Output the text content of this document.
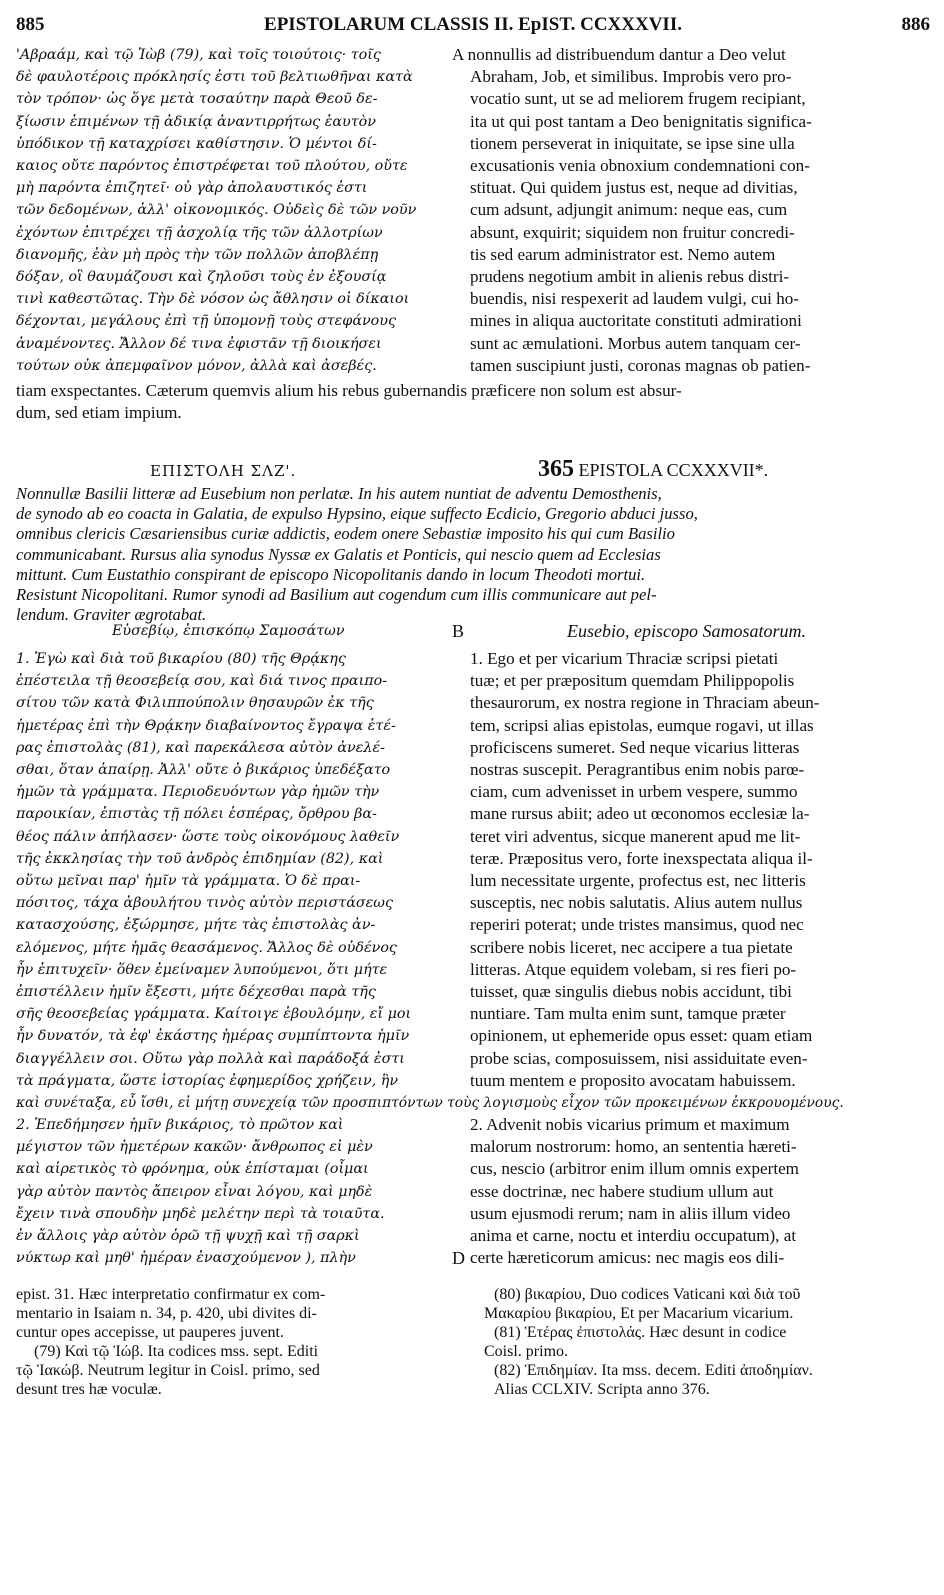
885	EPISTOLARUM CLASSIS II. EpIST. CCXXXVII.	886
'Αβραάμ, καὶ τῷ Ἰὼβ (79), καὶ τοῖς τοιούτοις· τοῖς
δὲ φαυλοτέροις πρόκλησίς ἐστι τοῦ βελτιωθῆναι κατὰ
τὸν τρόπον· ὡς ὅγε μετὰ τοσαύτην παρὰ Θεοῦ δε-
ξίωσιν ἐπιμένων τῇ ἀδικίᾳ ἀναντιρρήτως ἑαυτὸν
ὑπόδικον τῇ καταχρίσει καθίστησιν. Ὁ μέντοι δί-
καιος οὔτε παρόντος ἐπιστρέφεται τοῦ πλούτου, οὔτε
μὴ παρόντα ἐπιζητεῖ· οὐ γὰρ ἀπολαυστικός ἐστι
τῶν δεδομένων, ἀλλ' οἰκονομικός. Οὐδεὶς δὲ τῶν νοῦν
ἐχόντων ἐπιτρέχει τῇ ἀσχολίᾳ τῆς τῶν ἀλλοτρίων
διανομῆς, ἐὰν μὴ πρὸς τὴν τῶν πολλῶν ἀποβλέπῃ
δόξαν, οἳ θαυμάζουσι καὶ ζηλοῦσι τοὺς ἐν ἐξουσίᾳ
τινὶ καθεστῶτας. Τὴν δὲ νόσον ὡς ἄθλησιν οἱ δίκαιοι
δέχονται, μεγάλους ἐπὶ τῇ ὑπομονῇ τοὺς στεφάνους
ἀναμένοντες. Ἄλλον δέ τινα ἐφιστᾶν τῇ διοικήσει
τούτων οὐκ ἀπεμφαῖνον μόνον, ἀλλὰ καὶ ἀσεβές.
A nonnullis ad distribuendum dantur a Deo velut
Abraham, Job, et similibus. Improbis vero pro-
vocatio sunt, ut se ad meliorem frugem recipiant,
ita ut qui post tantam a Deo benignitatis significa-
tionem perseverat in iniquitate, se ipse sine ulla
excusationis venia obnoxium condemnationi con-
stituat. Qui quidem justus est, neque ad divitias,
cum adsunt, adjungit animum: neque eas, cum
absunt, exquirit; siquidem non fruitur concredi-
tis sed earum administrator est. Nemo autem
prudens negotium ambit in alienis rebus distri-
buendis, nisi respexerit ad laudem vulgi, cui ho-
mines in aliqua auctoritate constituti admirationi
sunt ac æmulationi. Morbus autem tanquam cer-
tamen suscipiunt justi, coronas magnas ob patien-
tiam exspectantes. Cæterum quemvis alium his rebus gubernandis præficere non solum est absur-
dum, sed etiam impium.
ΕΠΙΣΤΟΛΗ ΣΛΖ'.	365 EPISTOLA CCXXXVII*.
Nonnullæ Basilii litteræ ad Eusebium non perlatæ. In his autem nuntiat de adventu Demosthenis,
de synodo ab eo coacta in Galatia, de expulso Hypsino, eique suffecto Ecdicio, Gregorio abduci jusso,
omnibus clericis Cæsariensibus curiæ addictis, eodem onere Sebastiæ imposito his qui cum Basilio
communicabant. Rursus alia synodus Nyssæ ex Galatis et Ponticis, qui nescio quem ad Ecclesias
mittunt. Cum Eustathio conspirant de episcopo Nicopolitanis dando in locum Theodoti mortui.
Resistunt Nicopolitani. Rumor synodi ad Basilium aut cogendum cum illis communicare aut pel-
lendum. Graviter ægrotabat.
Εὐσεβίῳ, ἐπισκόπῳ Σαμοσάτων	B	Eusebio, episcopo Samosatorum.
1. Ἐγὼ καὶ διὰ τοῦ βικαρίου (80) τῆς Θρᾴκης
ἐπέστειλα τῇ θεοσεβείᾳ σου, καὶ διά τινος πραιπο-
σίτου τῶν κατὰ Φιλιππούπολιν θησαυρῶν ἐκ τῆς
ἡμετέρας ἐπὶ τὴν Θρᾴκην διαβαίνοντος ἔγραψα ἑτέ-
ρας ἐπιστολὰς (81), καὶ παρεκάλεσα αὐτὸν ἀνελέ-
σθαι, ὅταν ἀπαίρῃ. Ἀλλ' οὔτε ὁ βικάριος ὑπεδέξατο
ἡμῶν τὰ γράμματα. Περιοδευόντων γὰρ ἡμῶν τὴν
παροικίαν, ἐπιστὰς τῇ πόλει ἑσπέρας, ὄρθρου βα-
θέος πάλιν ἀπήλασεν· ὥστε τοὺς οἰκονόμους λαθεῖν
τῆς ἐκκλησίας τὴν τοῦ ἀνδρὸς ἐπιδημίαν (82), καὶ
οὕτω μεῖναι παρ' ἡμῖν τὰ γράμματα. Ὁ δὲ πραι-
πόσιτος, τάχα ἀβουλήτου τινὸς αὐτὸν περιστάσεως
κατασχούσης, ἐξώρμησε, μήτε τὰς ἐπιστολὰς ἀν-
ελόμενος, μήτε ἡμᾶς θεασάμενος. Ἄλλος δὲ οὐδένος
ἦν ἐπιτυχεῖν· ὅθεν ἐμείναμεν λυπούμενοι, ὅτι μήτε
ἐπιστέλλειν ἡμῖν ἔξεστι, μήτε δέχεσθαι παρὰ τῆς
σῆς θεοσεβείας γράμματα. Καίτοιγε ἐβουλόμην, εἴ μοι
ἦν δυνατόν, τὰ ἐφ' ἑκάστης ἡμέρας συμπίπτοντα ἡμῖν
διαγγέλλειν σοι. Οὕτω γὰρ πολλὰ καὶ παράδοξά ἐστι
τὰ πράγματα, ὥστε ἱστορίας ἐφημερίδος χρήζειν, ἣν
καὶ συνέταξα, εὖ ἴσθι, εἰ μήτῃ συνεχείᾳ τῶν προσπιπτόντων τοὺς λογισμοὺς εἶχον τῶν προκειμένων ἐκκρουομένους.
2. Ἐπεδήμησεν ἡμῖν βικάριος, τὸ πρῶτον καὶ
μέγιστον τῶν ἡμετέρων κακῶν· ἄνθρωπος εἰ μὲν
καὶ αἱρετικὸς τὸ φρόνημα, οὐκ ἐπίσταμαι (οἶμαι
γὰρ αὐτὸν παντὸς ἄπειρον εἶναι λόγου, καὶ μηδὲ
ἔχειν τινὰ σπουδὴν μηδὲ μελέτην περὶ τὰ τοιαῦτα.
ἐν ἄλλοις γὰρ αὐτὸν ὁρῶ τῇ ψυχῇ καὶ τῇ σαρκὶ
νύκτωρ καὶ μηθ' ἡμέραν ἐνασχούμενον ), πλὴν
1. Ego et per vicarium Thraciæ scripsi pietati
tuæ; et per præpositum quemdam Philippopolis
thesaurorum, ex nostra regione in Thraciam abeun-
tem, scripsi alias epistolas, eumque rogavi, ut illas
proficiscens sumeret. Sed neque vicarius litteras
nostras suscepit. Peragrantibus enim nobis parœ-
ciam, cum advenisset in urbem vespere, summo
mane rursus abiit; adeo ut œconomos ecclesiæ la-
teret viri adventus, sicque manerent apud me lit-
teræ. Præpositus vero, forte inexspectata aliqua il-
lum necessitate urgente, profectus est, nec litteris
susceptis, nec nobis salutatis. Alius autem nullus
reperiri poterat; unde tristes mansimus, quod nec
scribere nobis liceret, nec accipere a tua pietate
litteras. Atque equidem volebam, si res fieri po-
tuisset, quæ singulis diebus nobis accidunt, tibi
nuntiare. Tam multa enim sunt, tamque præter
opinionem, ut ephemeride opus esset: quam etiam
probe scias, composuissem, nisi assiduitate even-
tuum mentem e proposito avocatam habuissem.
2. Advenit nobis vicarius primum et maximum
malorum nostrorum: homo, an sententia hæreti-
cus, nescio (arbitror enim illum omnis expertem
esse doctrinæ, nec habere studium ullum aut
usum ejusmodi rerum; nam in aliis illum video
anima et carne, noctu et interdiu occupatum), at
certe hæreticorum amicus: nec magis eos dili-
D
epist. 31. Hæc interpretatio confirmatur ex com-
mentario in Isaiam n. 34, p. 420, ubi divites di-
cuntur opes accepisse, ut pauperes juvent.
(79) Καὶ τῷ Ἰώβ. Ita codices mss. sept. Editi
τῷ Ἰακώβ. Neutrum legitur in Coisl. primo, sed
desunt tres hæ voculæ.
(80) βικαρίου, Duo codices Vaticani καὶ διὰ τοῦ
Μακαρίου βικαρίου, Et per Macarium vicarium.
(81) Ἑτέρας ἐπιστολάς. Hæc desunt in codice
Coisl. primo.
(82) Ἐπιδημίαν. Ita mss. decem. Editi ἀποδημίαν.
Alias CCLXIV. Scripta anno 376.
